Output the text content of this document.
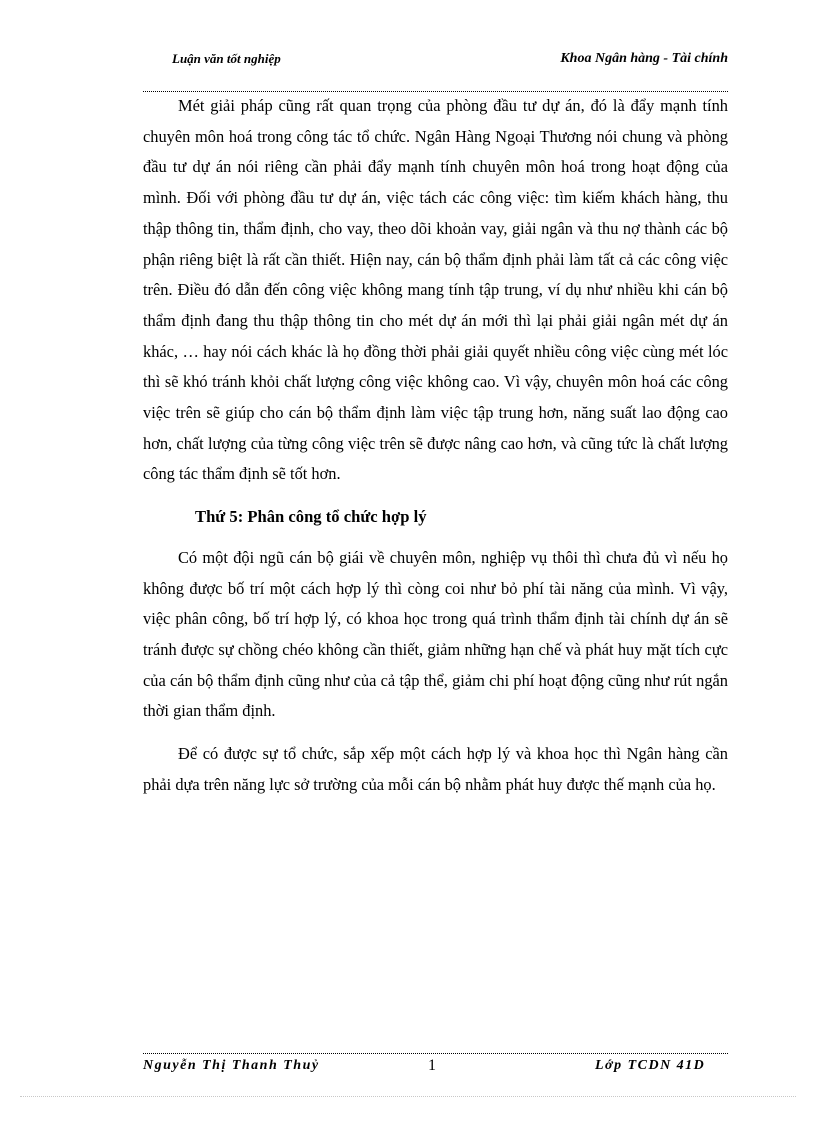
Luận văn tốt nghiệp	Khoa Ngân hàng - Tài chính

Mét giải pháp cũng rất quan trọng của phòng đầu tư dự án, đó là đẩy mạnh tính chuyên môn hoá trong công tác tổ chức. Ngân Hàng Ngoại Thương nói chung và phòng đầu tư dự án nói riêng cần phải đẩy mạnh tính chuyên môn hoá trong hoạt động của mình. Đối với phòng đầu tư dự án, việc tách các công việc: tìm kiếm khách hàng, thu thập thông tin, thẩm định, cho vay, theo dõi khoản vay, giải ngân và thu nợ thành các bộ phận riêng biệt là rất cần thiết. Hiện nay, cán bộ thẩm định phải làm tất cả các công việc trên. Điều đó dẫn đến công việc không mang tính tập trung, ví dụ như nhiều khi cán bộ thẩm định đang thu thập thông tin cho mét dự án mới thì lại phải giải ngân mét dự án khác, … hay nói cách khác là họ đồng thời phải giải quyết nhiều công việc cùng mét lóc thì sẽ khó tránh khỏi chất lượng công việc không cao. Vì vậy, chuyên môn hoá các công việc trên sẽ giúp cho cán bộ thẩm định làm việc tập trung hơn, năng suất lao động cao hơn, chất lượng của từng công việc trên sẽ được nâng cao hơn, và cũng tức là chất lượng công tác thẩm định sẽ tốt hơn.

Thứ 5: Phân công tổ chức hợp lý

Có một đội ngũ cán bộ giái về chuyên môn, nghiệp vụ thôi thì chưa đủ vì nếu họ không được bố trí một cách hợp lý thì còng coi như bỏ phí tài năng của mình. Vì vậy, việc phân công, bố trí hợp lý, có khoa học trong quá trình thẩm định tài chính dự án sẽ tránh được sự chồng chéo không cần thiết, giảm những hạn chế và phát huy mặt tích cực của cán bộ thẩm định cũng như của cả tập thể, giảm chi phí hoạt động cũng như rút ngắn thời gian thẩm định.

Để có được sự tổ chức, sắp xếp một cách hợp lý và khoa học thì Ngân hàng cần phải dựa trên năng lực sở trường của mỗi cán bộ nhằm phát huy được thế mạnh của họ.

Nguyễn Thị Thanh Thuỷ	1	Lớp TCDN 41D
